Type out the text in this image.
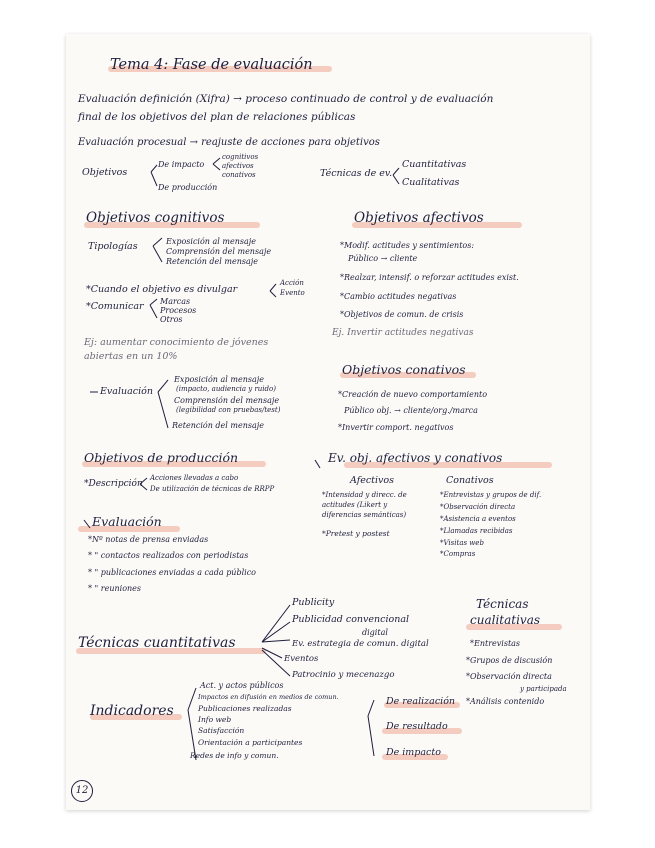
Tema 4: Fase de evaluación
Evaluación definición (Xifra) → proceso continuado de control y de evaluación
final de los objetivos del plan de relaciones públicas
Evaluación procesual → reajuste de acciones para objetivos
Objetivos
De impacto
cognitivos
afectivos
conativos
De producción
Técnicas de ev.
Cuantitativas
Cualitativas
Objetivos cognitivos
Tipologías	Exposición al mensaje
Comprensión del mensaje
Retención del mensaje
*Cuando el objetivo es divulgar
Acción
Evento
*Comunicar Marcas
Procesos
Otros
Ej: aumentar conocimiento de jóvenes
abiertas en un 10%
Evaluación
Exposición al mensaje
(impacto, audiencia y ruido)
Comprensión del mensaje
(legibilidad con pruebas/test)
Retención del mensaje
Objetivos afectivos
*Modif. actitudes y sentimientos:
Público → cliente
*Realzar, intensif. o reforzar actitudes exist.
*Cambio actitudes negativas
*Objetivos de comun. de crisis
Ej. Invertir actitudes negativas
Objetivos conativos
*Creación de nuevo comportamiento
Público obj. → cliente/org./marca
*Invertir comport. negativos
Ev. obj. afectivos y conativos
Afectivos
*Intensidad y direcc. de
actitudes (Likert y
diferencias semánticas)
*Pretest y postest
Conativos
*Entrevistas y grupos de dif.
*Observación directa
*Asistencia a eventos
*Llamadas recibidas
*Visitas web
*Compras
Objetivos de producción
*Descripción
Acciones llevadas a cabo
De utilización de técnicas de RRPP
Evaluación
*Nº notas de prensa enviadas
* " contactos realizados con periodistas
* " publicaciones enviadas a cada público
* " reuniones
Técnicas cuantitativas
Publicity
Publicidad convencional
digital
Ev. estrategia de comun. digital
Eventos
Patrocinio y mecenazgo
Técnicas
cualitativas
*Entrevistas
*Grupos de discusión
*Observación directa
y participada
*Análisis contenido
Indicadores
Act. y actos públicos
Impactos en difusión en medios de comun.
Publicaciones realizadas
Info web
Satisfacción
Orientación a participantes
Redes de info y comun.
De realización
De resultado
De impacto
12
